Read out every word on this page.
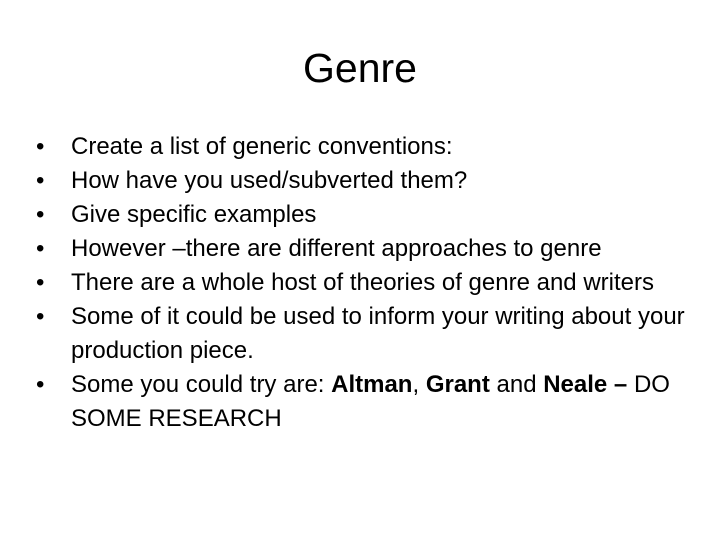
Genre
•	Create a list of generic conventions:
•	How have you used/subverted them?
•	Give specific examples
•	However –there are different approaches to genre
•	There are a whole host of theories of genre and writers
•	Some of it could be used to inform your writing about your production piece.
•	Some you could try are: Altman, Grant and Neale – DO SOME RESEARCH
